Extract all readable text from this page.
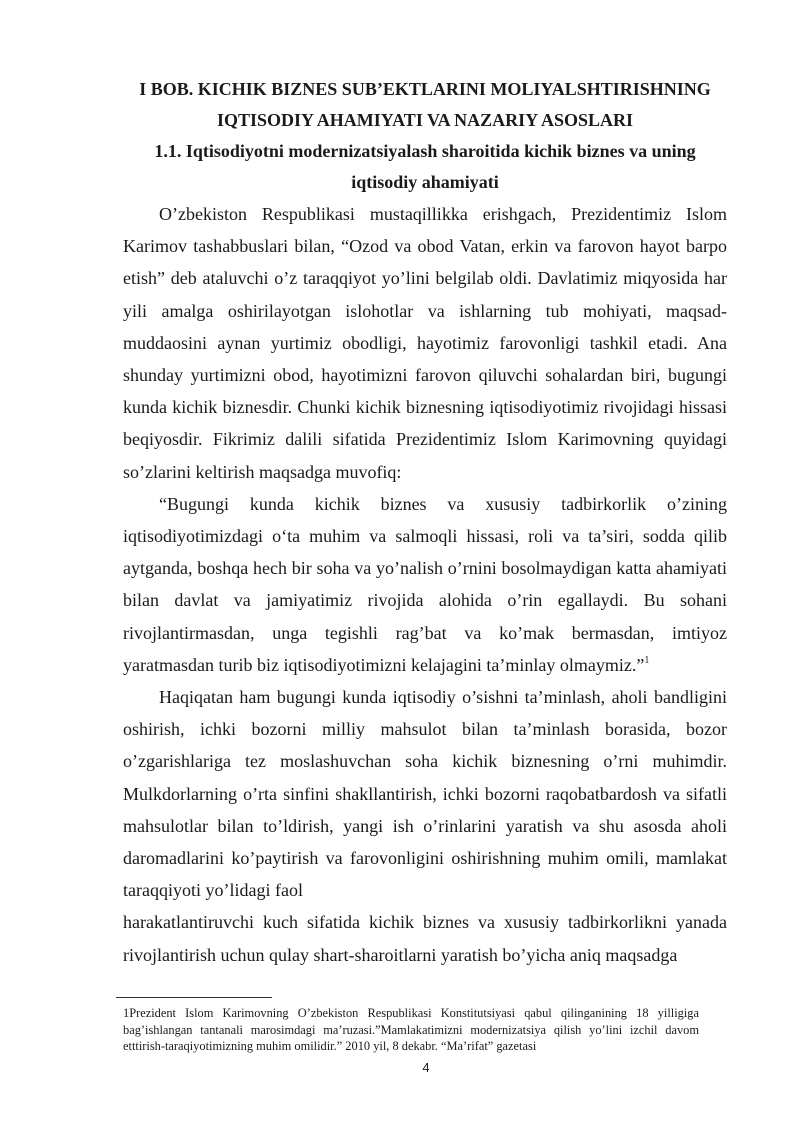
I BOB. KICHIK BIZNES SUB’EKTLARINI MOLIYALSHTIRISHNING
IQTISODIY AHAMIYATI VA NAZARIY ASOSLARI

1.1. Iqtisodiyotni modernizatsiyalash sharoitida kichik biznes va uning
iqtisodiy ahamiyati

O’zbekiston Respublikasi mustaqillikka erishgach, Prezidentimiz Islom Karimov tashabbuslari bilan, “Ozod va obod Vatan, erkin va farovon hayot barpo etish” deb ataluvchi o’z taraqqiyot yo’lini belgilab oldi. Davlatimiz miqyosida har yili amalga oshirilayotgan islohotlar va ishlarning tub mohiyati, maqsad-muddaosini aynan yurtimiz obodligi, hayotimiz farovonligi tashkil etadi. Ana shunday yurtimizni obod, hayotimizni farovon qiluvchi sohalardan biri, bugungi kunda kichik biznesdir. Chunki kichik biznesning iqtisodiyotimiz rivojidagi hissasi beqiyosdir. Fikrimiz dalili sifatida Prezidentimiz Islom Karimovning quyidagi so’zlarini keltirish maqsadga muvofiq:

“Bugungi kunda kichik biznes va xususiy tadbirkorlik o’zining iqtisodiyotimizdagi o‘ta muhim va salmoqli hissasi, roli va ta’siri, sodda qilib aytganda, boshqa hech bir soha va yo’nalish o’rnini bosolmaydigan katta ahamiyati bilan davlat va jamiyatimiz rivojida alohida o’rin egallaydi. Bu sohani rivojlantirmasdan, unga tegishli rag’bat va ko’mak bermasdan, imtiyoz yaratmasdan turib biz iqtisodiyotimizni kelajagini ta’minlay olmaymiz.”$^1$

Haqiqatan ham bugungi kunda iqtisodiy o’sishni ta’minlash, aholi bandligini oshirish, ichki bozorni milliy mahsulot bilan ta’minlash borasida, bozor o’zgarishlariga tez moslashuvchan soha kichik biznesning o’rni muhimdir. Mulkdorlarning o’rta sinfini shakllantirish, ichki bozorni raqobatbardosh va sifatli mahsulotlar bilan to’ldirish, yangi ish o’rinlarini yaratish va shu asosda aholi daromadlarini ko’paytirish va farovonligini oshirishning muhim omili, mamlakat taraqqiyoti yo’lidagi faol

harakatlantiruvchi kuch sifatida kichik biznes va xususiy tadbirkorlikni yanada rivojlantirish uchun qulay shart-sharoitlarni yaratish bo’yicha aniq maqsadga

1Prezident Islom Karimovning O’zbekiston Respublikasi Konstitutsiyasi qabul qilinganining 18 yilligiga bag’ishlangan tantanali marosimdagi ma’ruzasi.”Mamlakatimizni modernizatsiya qilish yo’lini izchil davom etttirish-taraqiyotimizning muhim omilidir.” 2010 yil, 8 dekabr. “Ma’rifat” gazetasi

4
